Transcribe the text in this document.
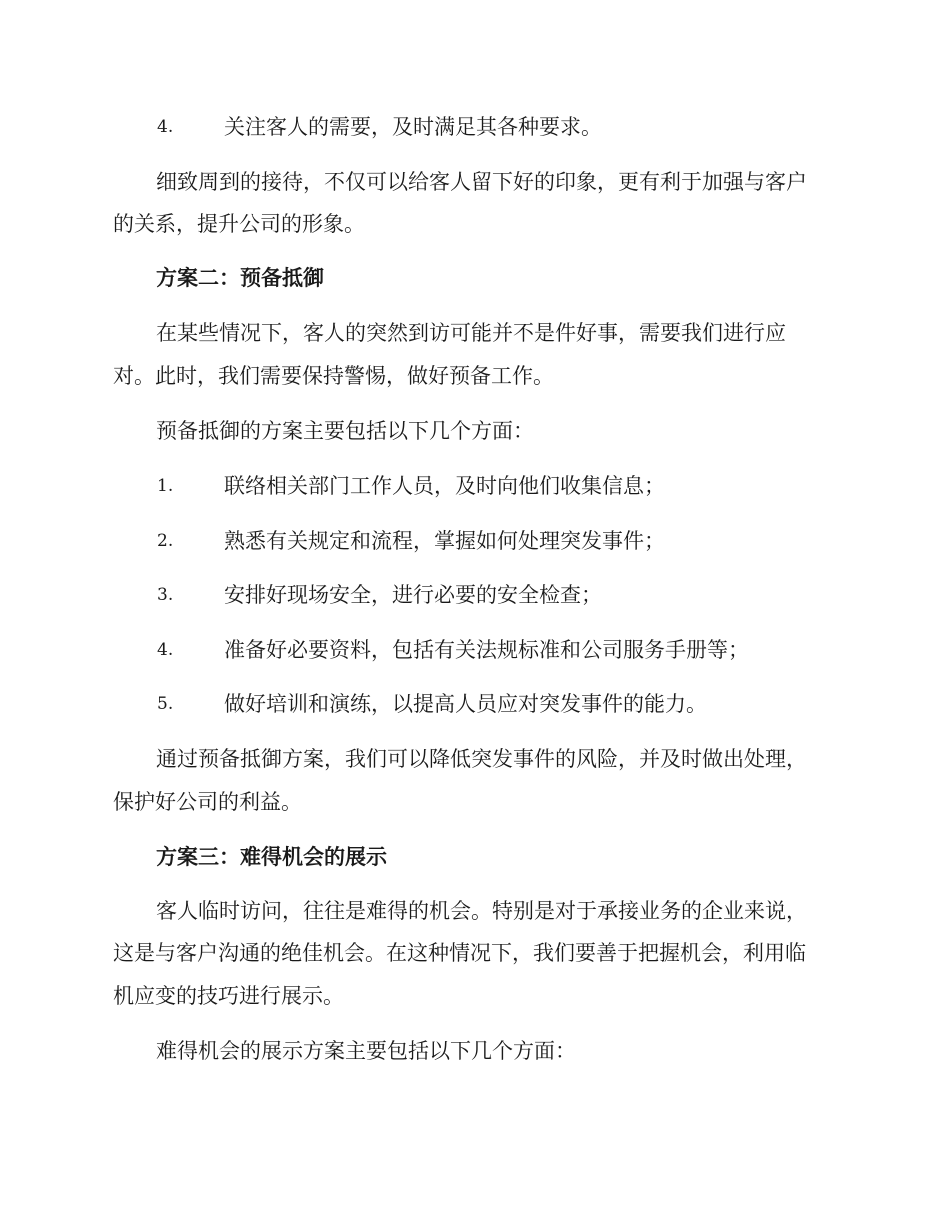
4. 关注客人的需要，及时满足其各种要求。
细致周到的接待，不仅可以给客人留下好的印象，更有利于加强与客户
的关系，提升公司的形象。
方案二：预备抵御
在某些情况下，客人的突然到访可能并不是件好事，需要我们进行应
对。此时，我们需要保持警惕，做好预备工作。
预备抵御的方案主要包括以下几个方面：
1. 联络相关部门工作人员，及时向他们收集信息；
2. 熟悉有关规定和流程，掌握如何处理突发事件；
3. 安排好现场安全，进行必要的安全检查；
4. 准备好必要资料，包括有关法规标准和公司服务手册等；
5. 做好培训和演练，以提高人员应对突发事件的能力。
通过预备抵御方案，我们可以降低突发事件的风险，并及时做出处理，
保护好公司的利益。
方案三：难得机会的展示
客人临时访问，往往是难得的机会。特别是对于承接业务的企业来说，
这是与客户沟通的绝佳机会。在这种情况下，我们要善于把握机会，利用临
机应变的技巧进行展示。
难得机会的展示方案主要包括以下几个方面：
